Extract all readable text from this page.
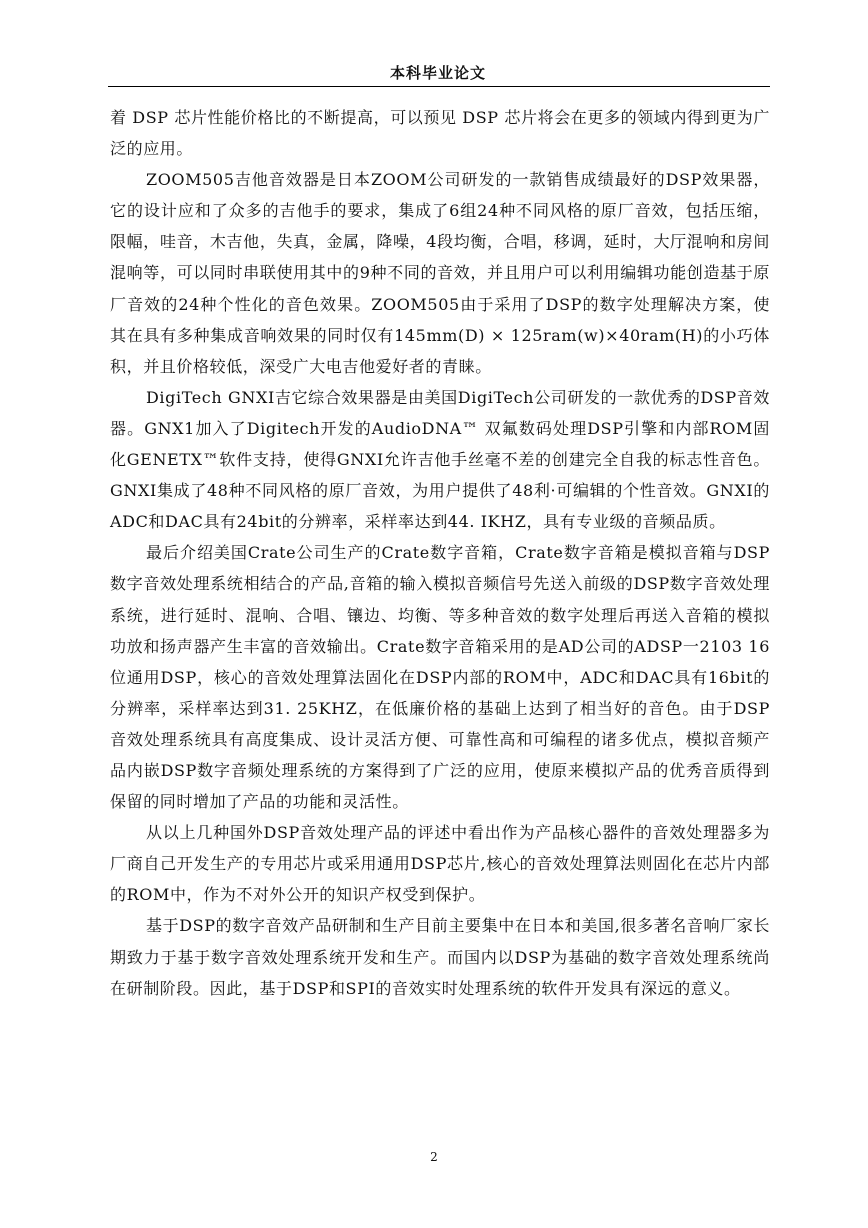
本科毕业论文

着 DSP 芯片性能价格比的不断提高，可以预见 DSP 芯片将会在更多的领域内得到更为广泛的应用。

ZOOM505吉他音效器是日本ZOOM公司研发的一款销售成绩最好的DSP效果器，它的设计应和了众多的吉他手的要求，集成了6组24种不同风格的原厂音效，包括压缩，限幅，哇音，木吉他，失真，金属，降噪，4段均衡，合唱，移调，延时，大厅混响和房间混响等，可以同时串联使用其中的9种不同的音效，并且用户可以利用编辑功能创造基于原厂音效的24种个性化的音色效果。ZOOM505由于采用了DSP的数字处理解决方案，使其在具有多种集成音响效果的同时仅有145mm(D) × 125ram(w)×40ram(H)的小巧体积，并且价格较低，深受广大电吉他爱好者的青睐。

DigiTech GNXI吉它综合效果器是由美国DigiTech公司研发的一款优秀的DSP音效器。GNX1加入了Digitech开发的AudioDNA™ 双氟数码处理DSP引擎和内部ROM固化GENETX™软件支持，使得GNXI允许吉他手丝毫不差的创建完全自我的标志性音色。GNXI集成了48种不同风格的原厂音效，为用户提供了48利·可编辑的个性音效。GNXI的ADC和DAC具有24bit的分辨率，采样率达到44. IKHZ，具有专业级的音频品质。

最后介绍美国Crate公司生产的Crate数字音箱，Crate数字音箱是模拟音箱与DSP数字音效处理系统相结合的产品,音箱的输入模拟音频信号先送入前级的DSP数字音效处理系统，进行延时、混响、合唱、镶边、均衡、等多种音效的数字处理后再送入音箱的模拟功放和扬声器产生丰富的音效输出。Crate数字音箱采用的是AD公司的ADSP一2103 16位通用DSP，核心的音效处理算法固化在DSP内部的ROM中，ADC和DAC具有16bit的分辨率，采样率达到31. 25KHZ，在低廉价格的基础上达到了相当好的音色。由于DSP音效处理系统具有高度集成、设计灵活方便、可靠性高和可编程的诸多优点，模拟音频产品内嵌DSP数字音频处理系统的方案得到了广泛的应用，使原来模拟产品的优秀音质得到保留的同时增加了产品的功能和灵活性。

从以上几种国外DSP音效处理产品的评述中看出作为产品核心器件的音效处理器多为厂商自己开发生产的专用芯片或采用通用DSP芯片,核心的音效处理算法则固化在芯片内部的ROM中，作为不对外公开的知识产权受到保护。

基于DSP的数字音效产品研制和生产目前主要集中在日本和美国,很多著名音响厂家长期致力于基于数字音效处理系统开发和生产。而国内以DSP为基础的数字音效处理系统尚在研制阶段。因此，基于DSP和SPI的音效实时处理系统的软件开发具有深远的意义。

2
